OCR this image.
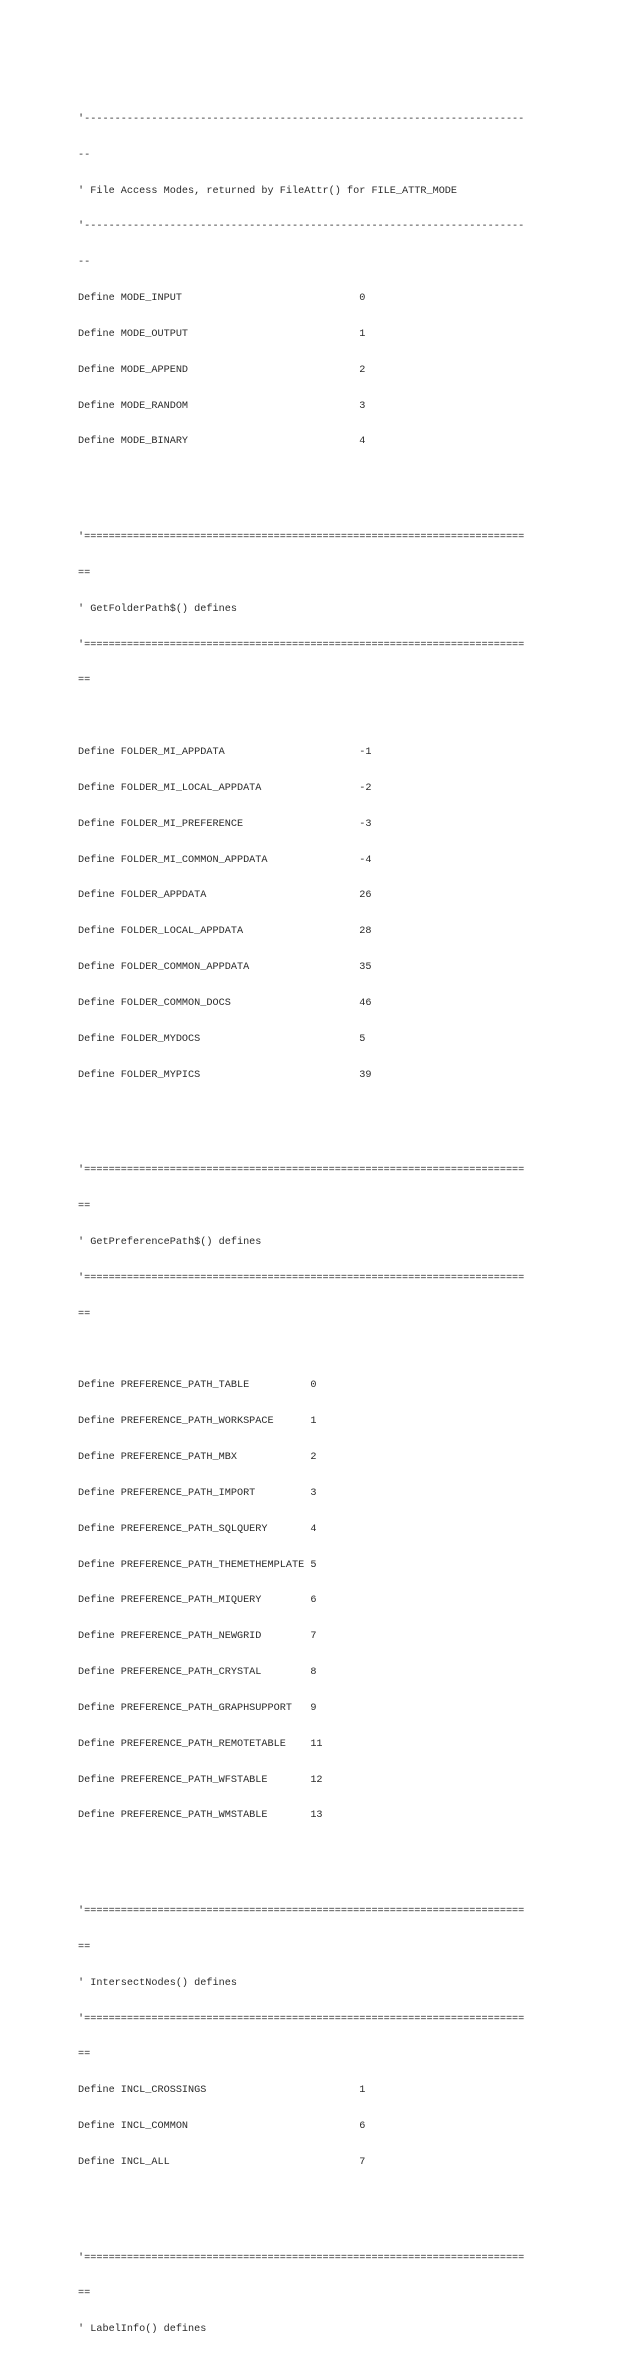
'------------------------------------------------------------------------

--

' File Access Modes, returned by FileAttr() for FILE_ATTR_MODE

'------------------------------------------------------------------------

--

Define MODE_INPUT                             0

Define MODE_OUTPUT                            1

Define MODE_APPEND                            2

Define MODE_RANDOM                            3

Define MODE_BINARY                            4

'========================================================================

==

' GetFolderPath$() defines

'========================================================================

==

Define FOLDER_MI_APPDATA                      -1

Define FOLDER_MI_LOCAL_APPDATA                -2

Define FOLDER_MI_PREFERENCE                   -3

Define FOLDER_MI_COMMON_APPDATA               -4

Define FOLDER_APPDATA                         26

Define FOLDER_LOCAL_APPDATA                   28

Define FOLDER_COMMON_APPDATA                  35

Define FOLDER_COMMON_DOCS                     46

Define FOLDER_MYDOCS                          5

Define FOLDER_MYPICS                          39

'========================================================================

==

' GetPreferencePath$() defines

'========================================================================

==

Define PREFERENCE_PATH_TABLE          0

Define PREFERENCE_PATH_WORKSPACE      1

Define PREFERENCE_PATH_MBX            2

Define PREFERENCE_PATH_IMPORT         3

Define PREFERENCE_PATH_SQLQUERY       4

Define PREFERENCE_PATH_THEMETHEMPLATE 5

Define PREFERENCE_PATH_MIQUERY        6

Define PREFERENCE_PATH_NEWGRID        7

Define PREFERENCE_PATH_CRYSTAL        8

Define PREFERENCE_PATH_GRAPHSUPPORT   9

Define PREFERENCE_PATH_REMOTETABLE    11

Define PREFERENCE_PATH_WFSTABLE       12

Define PREFERENCE_PATH_WMSTABLE       13

'========================================================================

==

' IntersectNodes() defines

'========================================================================

==

Define INCL_CROSSINGS                         1

Define INCL_COMMON                            6

Define INCL_ALL                               7

'========================================================================

==

' LabelInfo() defines
